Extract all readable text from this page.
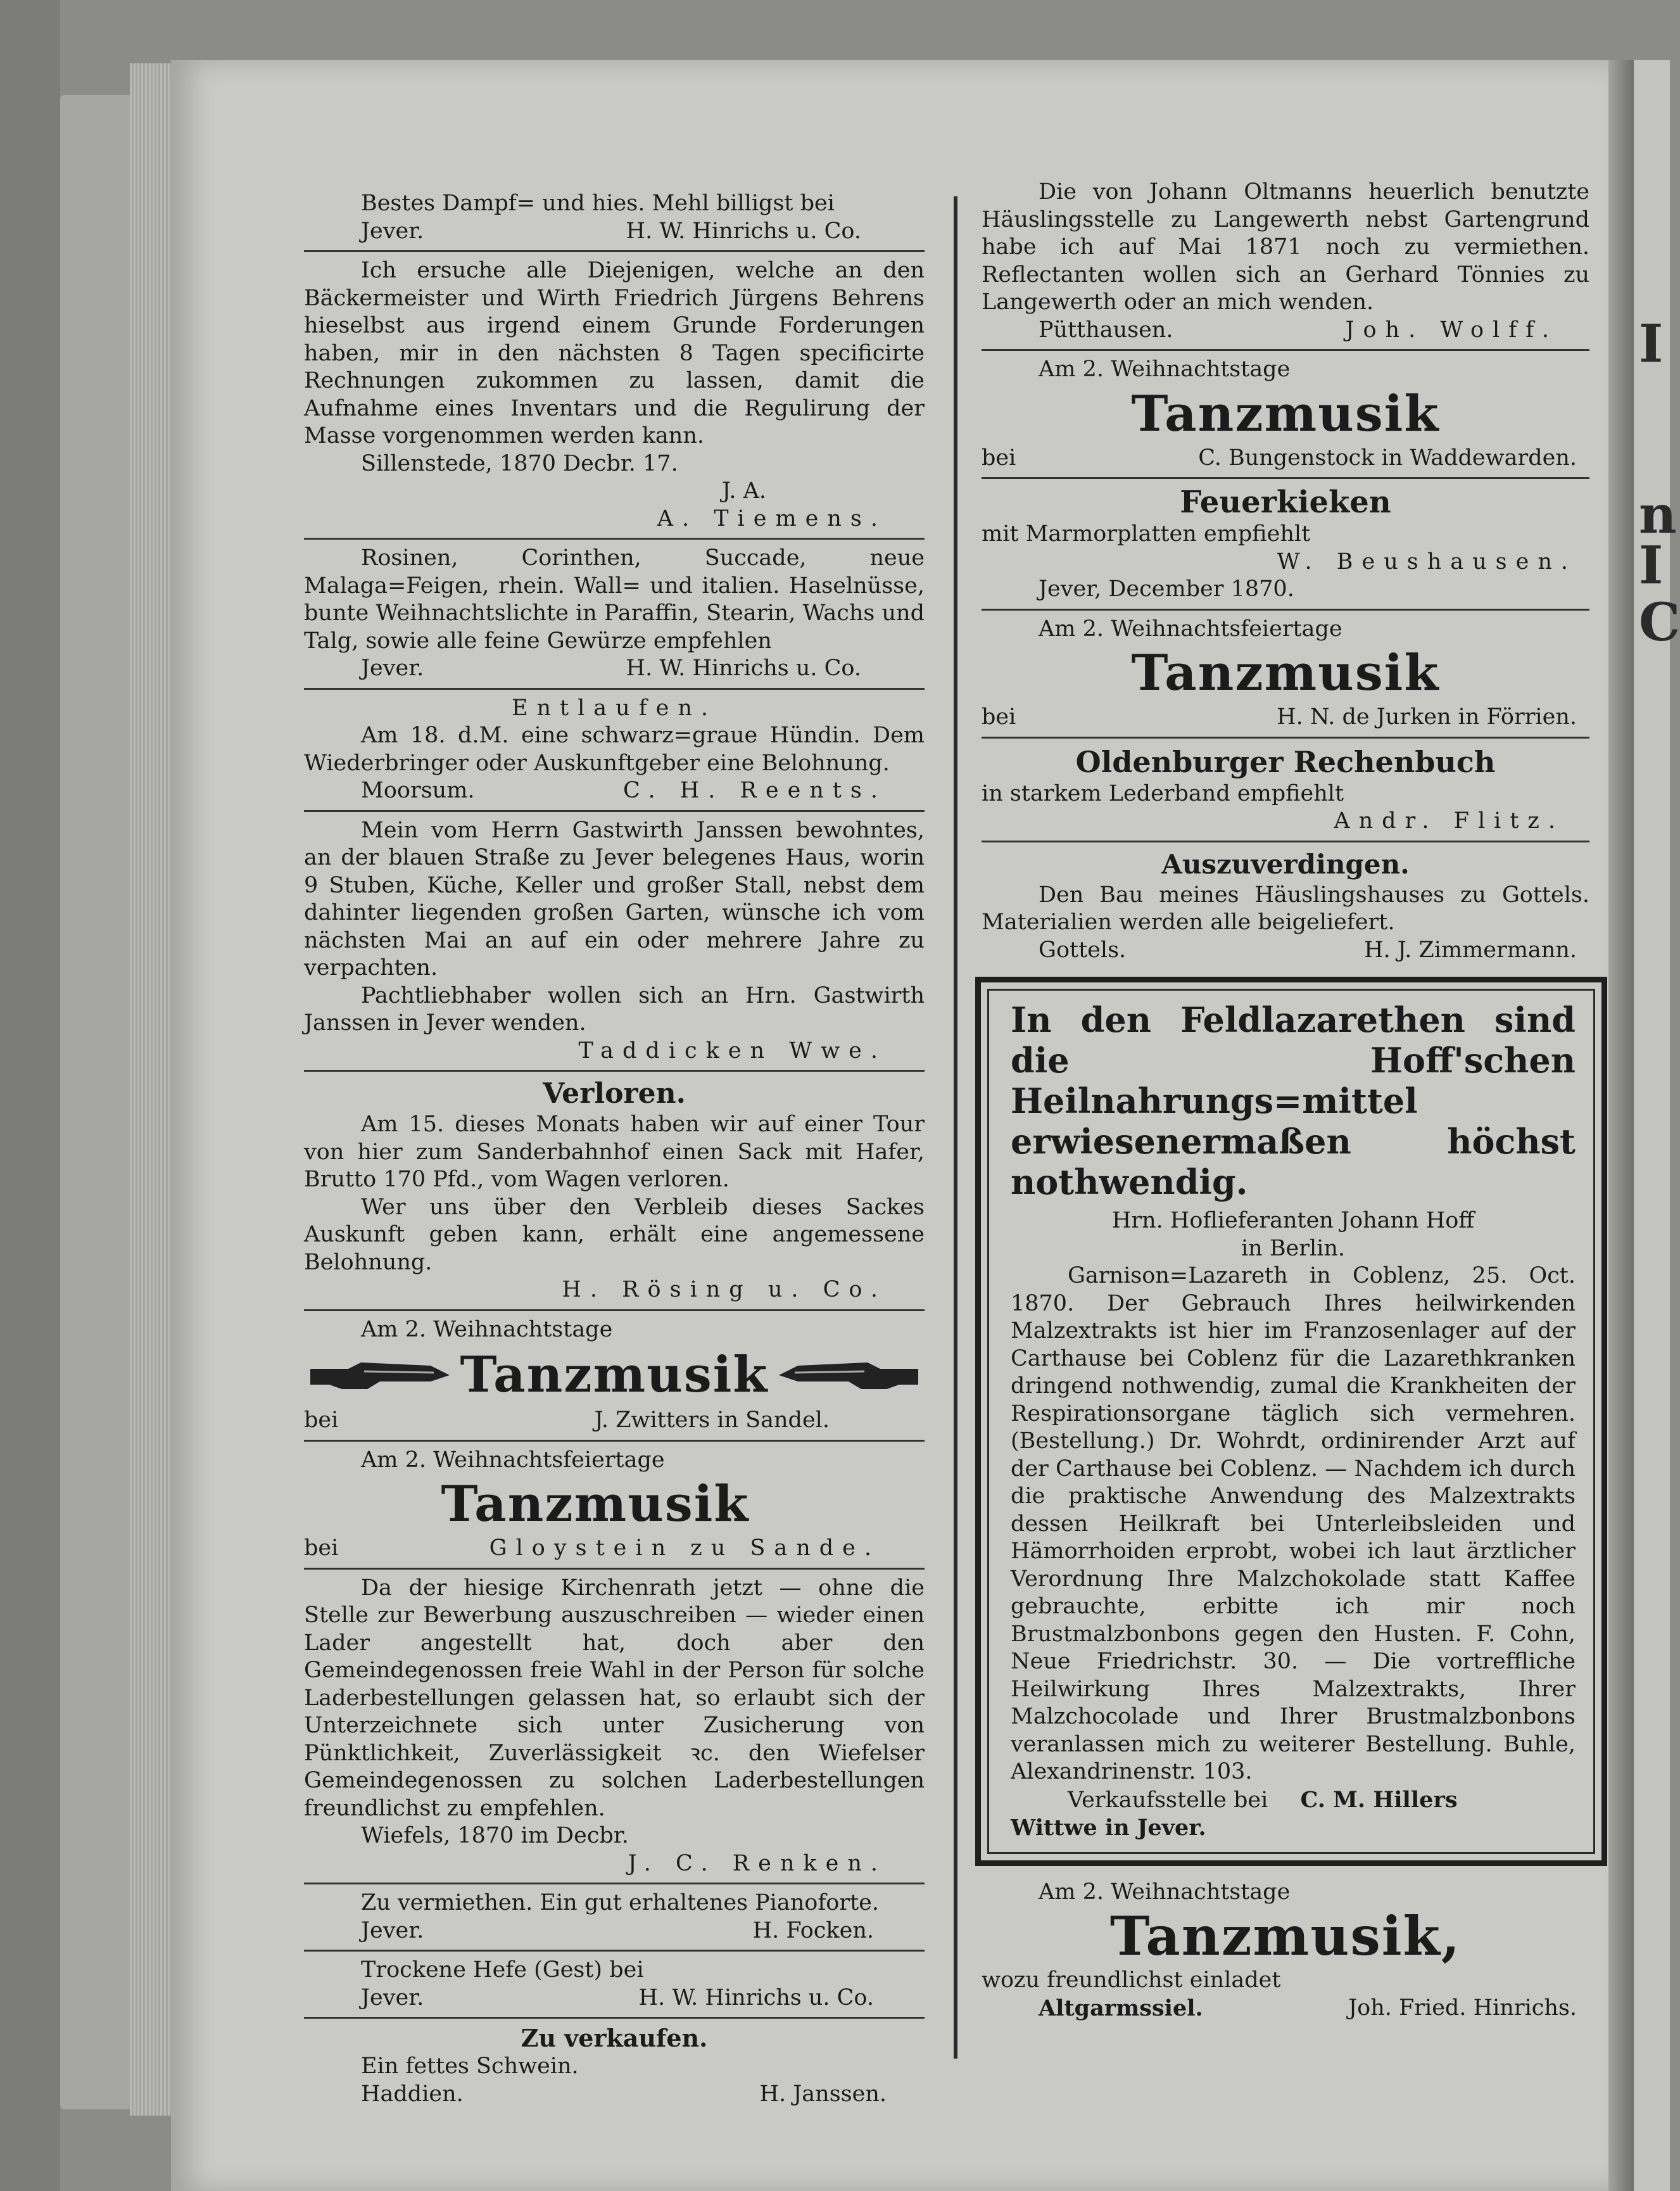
I
n
I
C
Bestes Dampf= und hies. Mehl billigst bei
Jever.	H. W. Hinrichs u. Co.
Ich ersuche alle Diejenigen, welche an den Bäckermeister und Wirth Friedrich Jürgens Behrens hieselbst aus irgend einem Grunde Forderungen haben, mir in den nächsten 8 Tagen specificirte Rechnungen zukommen zu lassen, damit die Aufnahme eines Inventars und die Regulirung der Masse vorgenommen werden kann.
Sillenstede, 1870 Decbr. 17.
J. A.
A. Tiemens.
Rosinen, Corinthen, Succade, neue Malaga=Feigen, rhein. Wall= und italien. Haselnüsse, bunte Weihnachtslichte in Paraffin, Stearin, Wachs und Talg, sowie alle feine Gewürze empfehlen
Jever.	H. W. Hinrichs u. Co.
Entlaufen.
Am 18. d.M. eine schwarz=graue Hündin. Dem Wiederbringer oder Auskunftgeber eine Belohnung.
Moorsum.	C. H. Reents.
Mein vom Herrn Gastwirth Janssen bewohntes, an der blauen Straße zu Jever belegenes Haus, worin 9 Stuben, Küche, Keller und großer Stall, nebst dem dahinter liegenden großen Garten, wünsche ich vom nächsten Mai an auf ein oder mehrere Jahre zu verpachten.
Pachtliebhaber wollen sich an Hrn. Gastwirth Janssen in Jever wenden.
Taddicken Wwe.
Verloren.
Am 15. dieses Monats haben wir auf einer Tour von hier zum Sanderbahnhof einen Sack mit Hafer, Brutto 170 Pfd., vom Wagen verloren.
Wer uns über den Verbleib dieses Sackes Auskunft geben kann, erhält eine angemessene Belohnung.
H. Rösing u. Co.
Am 2. Weihnachtstage
Tanzmusik
bei	J. Zwitters in Sandel.
Am 2. Weihnachtsfeiertage
Tanzmusik
bei	Gloystein zu Sande.
Da der hiesige Kirchenrath jetzt — ohne die Stelle zur Bewerbung auszuschreiben — wieder einen Lader angestellt hat, doch aber den Gemeindegenossen freie Wahl in der Person für solche Laderbestellungen gelassen hat, so erlaubt sich der Unterzeichnete sich unter Zusicherung von Pünktlichkeit, Zuverlässigkeit ꝛc. den Wiefelser Gemeindegenossen zu solchen Laderbestellungen freundlichst zu empfehlen.
Wiefels, 1870 im Decbr.
J. C. Renken.
Zu vermiethen. Ein gut erhaltenes Pianoforte.
Jever.	H. Focken.
Trockene Hefe (Gest) bei
Jever.	H. W. Hinrichs u. Co.
Zu verkaufen.
Ein fettes Schwein.
Haddien.	H. Janssen.
Die von Johann Oltmanns heuerlich benutzte Häuslingsstelle zu Langewerth nebst Gartengrund habe ich auf Mai 1871 noch zu vermiethen. Reflectanten wollen sich an Gerhard Tönnies zu Langewerth oder an mich wenden.
Pütthausen.	Joh. Wolff.
Am 2. Weihnachtstage
Tanzmusik
bei	C. Bungenstock in Waddewarden.
Feuerkieken
mit Marmorplatten empfiehlt
W. Beushausen.
Jever, December 1870.
Am 2. Weihnachtsfeiertage
Tanzmusik
bei	H. N. de Jurken in Förrien.
Oldenburger Rechenbuch
in starkem Lederband empfiehlt
Andr. Flitz.
Auszuverdingen.
Den Bau meines Häuslingshauses zu Gottels. Materialien werden alle beigeliefert.
Gottels.	H. J. Zimmermann.
In den Feldlazarethen sind die Hoff'schen Heilnahrungs=mittel erwiesenermaßen höchst nothwendig.
Hrn. Hoflieferanten Johann Hoff
in Berlin.
Garnison=Lazareth in Coblenz, 25. Oct. 1870. Der Gebrauch Ihres heilwirkenden Malzextrakts ist hier im Franzosenlager auf der Carthause bei Coblenz für die Lazarethkranken dringend nothwendig, zumal die Krankheiten der Respirationsorgane täglich sich vermehren. (Bestellung.) Dr. Wohrdt, ordinirender Arzt auf der Carthause bei Coblenz. — Nachdem ich durch die praktische Anwendung des Malzextrakts dessen Heilkraft bei Unterleibsleiden und Hämorrhoiden erprobt, wobei ich laut ärztlicher Verordnung Ihre Malzchokolade statt Kaffee gebrauchte, erbitte ich mir noch Brustmalzbonbons gegen den Husten. F. Cohn, Neue Friedrichstr. 30. — Die vortreffliche Heilwirkung Ihres Malzextrakts, Ihrer Malzchocolade und Ihrer Brustmalzbonbons veranlassen mich zu weiterer Bestellung. Buhle, Alexandrinenstr. 103.
Verkaufsstelle bei C. M. Hillers
Wittwe in Jever.
Am 2. Weihnachtstage
Tanzmusik,
wozu freundlichst einladet
Altgarmssiel.	Joh. Fried. Hinrichs.
